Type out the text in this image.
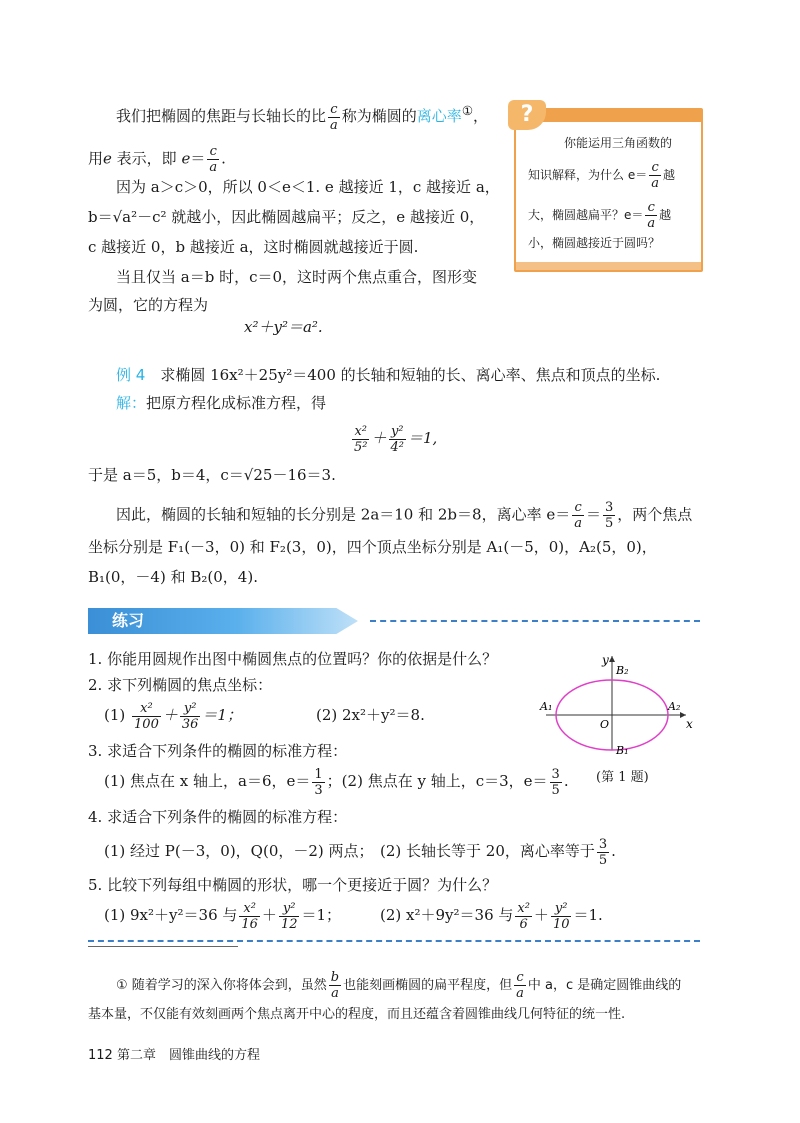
我们把椭圆的焦距与长轴长的比 $\frac{c}{a}$ 称为椭圆的离心率①，
用e 表示，即 $e= \frac{c}{a}$ .
因为 a＞c＞0，所以 0＜e＜1. e 越接近 1，c 越接近 a，
b＝√a²－c² 就越小，因此椭圆越扁平；反之，e 越接近 0，
c 越接近 0，b 越接近 a，这时椭圆就越接近于圆.
当且仅当 a＝b 时，c＝0，这时两个焦点重合，图形变
为圆，它的方程为
x²＋y²＝a².
?
你能运用三角函数的
知识解释，为什么 $e= \frac{c}{a}$ 越
大，椭圆越扁平？$e= \frac{c}{a}$ 越
小，椭圆越接近于圆吗？
例 4　 求椭圆 16x²＋25y²＝400 的长轴和短轴的长、离心率、焦点和顶点的坐标.
解：把原方程化成标准方程，得
$\frac{\text{x²}}{\text{5²}} + \frac{\text{y²}}{\text{4²}} =1$,
于是 a＝5，b＝4，c＝√25－16＝3.
因此，椭圆的长轴和短轴的长分别是 2a＝10 和 2b＝8，离心率 $e= \frac{c}{a} = \frac{3}{5}$ ，两个焦点
坐标分别是 F₁(－3，0) 和 F₂(3，0)，四个顶点坐标分别是 A₁(－5，0)，A₂(5，0)，
B₁(0，－4) 和 B₂(0，4).
练习
1. 你能用圆规作出图中椭圆焦点的位置吗？你的依据是什么？
2. 求下列椭圆的焦点坐标：
$(1) \frac{\text{x²}}{100} + \frac{\text{y²}}{36} =1$；	(2) 2x²＋y²＝8.
3. 求适合下列条件的椭圆的标准方程：
(1) 焦点在 x 轴上，a＝6，$e= \frac{1}{3}$ ；(2) 焦点在 y 轴上，c＝3，$e= \frac{3}{5}$ .
4. 求适合下列条件的椭圆的标准方程：
(1) 经过 P(－3，0)，Q(0，－2) 两点； (2) 长轴长等于 20，离心率等于 $\frac{3}{5}$ .
5. 比较下列每组中椭圆的形状，哪一个更接近于圆？为什么？
(1) 9x²＋y²＝36 与 $\frac{\text{x²}}{16} + \frac{\text{y²}}{12} =1$；	(2) x²＋9y²＝36 与 $\frac{\text{x²}}{6} + \frac{\text{y²}}{10} =1$.
y
x
O
A₁	A₂
B₁
B₂
(第 1 题)
① 随着学习的深入你将体会到，虽然 $\frac{b}{a}$ 也能刻画椭圆的扁平程度，但 $\frac{c}{a}$ 中 a，c 是确定圆锥曲线的
基本量，不仅能有效刻画两个焦点离开中心的程度，而且还蕴含着圆锥曲线几何特征的统一性.
112 第二章　圆锥曲线的方程
